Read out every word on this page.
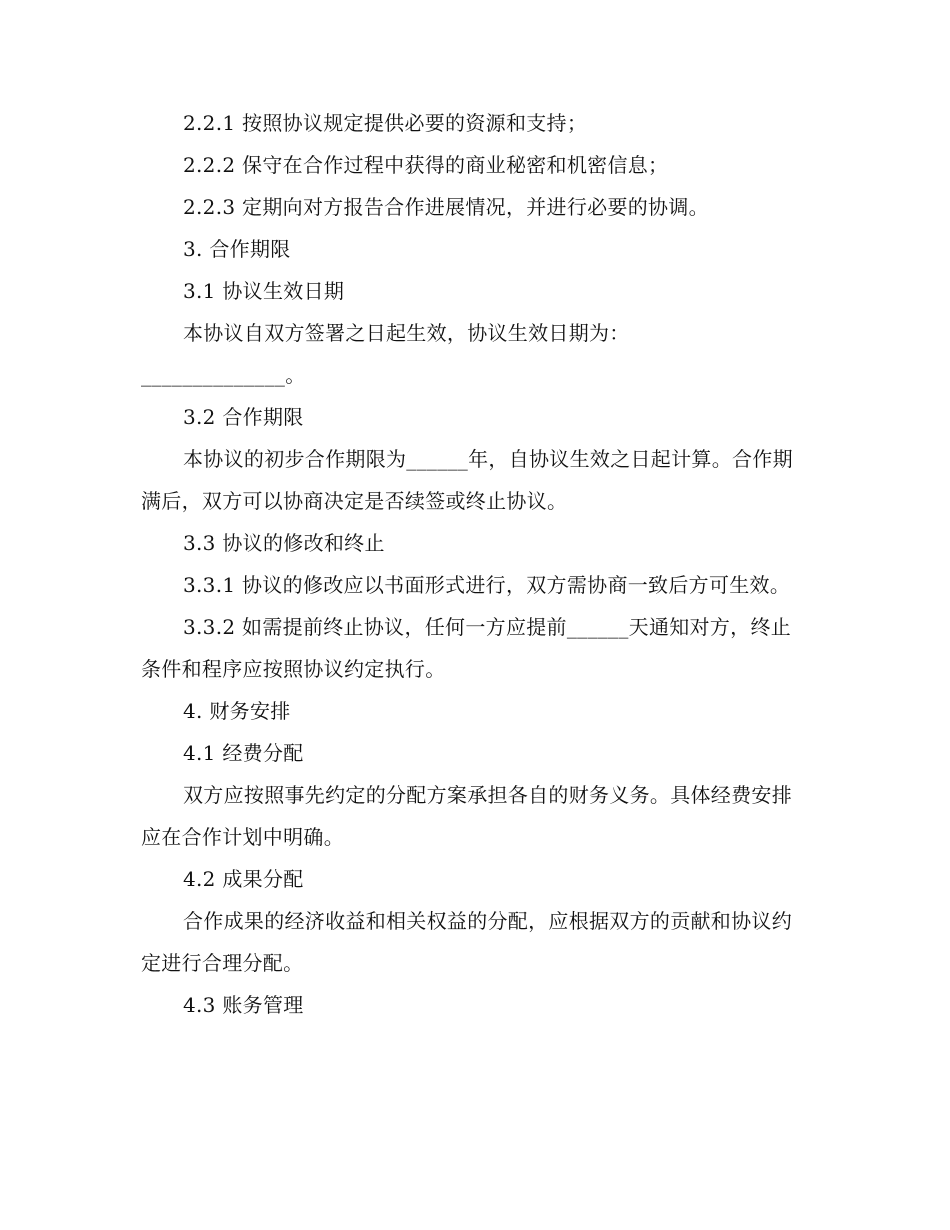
2.2.1 按照协议规定提供必要的资源和支持；

2.2.2 保守在合作过程中获得的商业秘密和机密信息；

2.2.3 定期向对方报告合作进展情况，并进行必要的协调。

3. 合作期限

3.1 协议生效日期

本协议自双方签署之日起生效，协议生效日期为：

______________。

3.2 合作期限

本协议的初步合作期限为______年，自协议生效之日起计算。合作期满后，双方可以协商决定是否续签或终止协议。

3.3 协议的修改和终止

3.3.1 协议的修改应以书面形式进行，双方需协商一致后方可生效。

3.3.2 如需提前终止协议，任何一方应提前______天通知对方，终止条件和程序应按照协议约定执行。

4. 财务安排

4.1 经费分配

双方应按照事先约定的分配方案承担各自的财务义务。具体经费安排应在合作计划中明确。

4.2 成果分配

合作成果的经济收益和相关权益的分配，应根据双方的贡献和协议约定进行合理分配。

4.3 账务管理
